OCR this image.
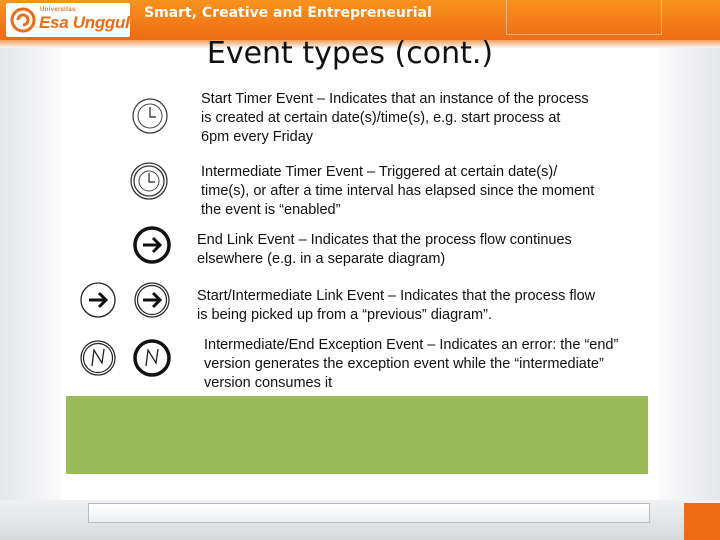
Universitas
Esa Unggul Smart, Creative and Entrepreneurial
Event types (cont.)
Start Timer Event – Indicates that an instance of the process is created at certain date(s)/time(s), e.g. start process at 6pm every Friday
Intermediate Timer Event – Triggered at certain date(s)/ time(s), or after a time interval has elapsed since the moment the event is “enabled”
End Link Event – Indicates that the process flow continues elsewhere (e.g. in a separate diagram)
Start/Intermediate Link Event – Indicates that the process flow is being picked up from a “previous” diagram”.
Intermediate/End Exception Event – Indicates an error: the “end” version generates the exception event while the “intermediate” version consumes it
